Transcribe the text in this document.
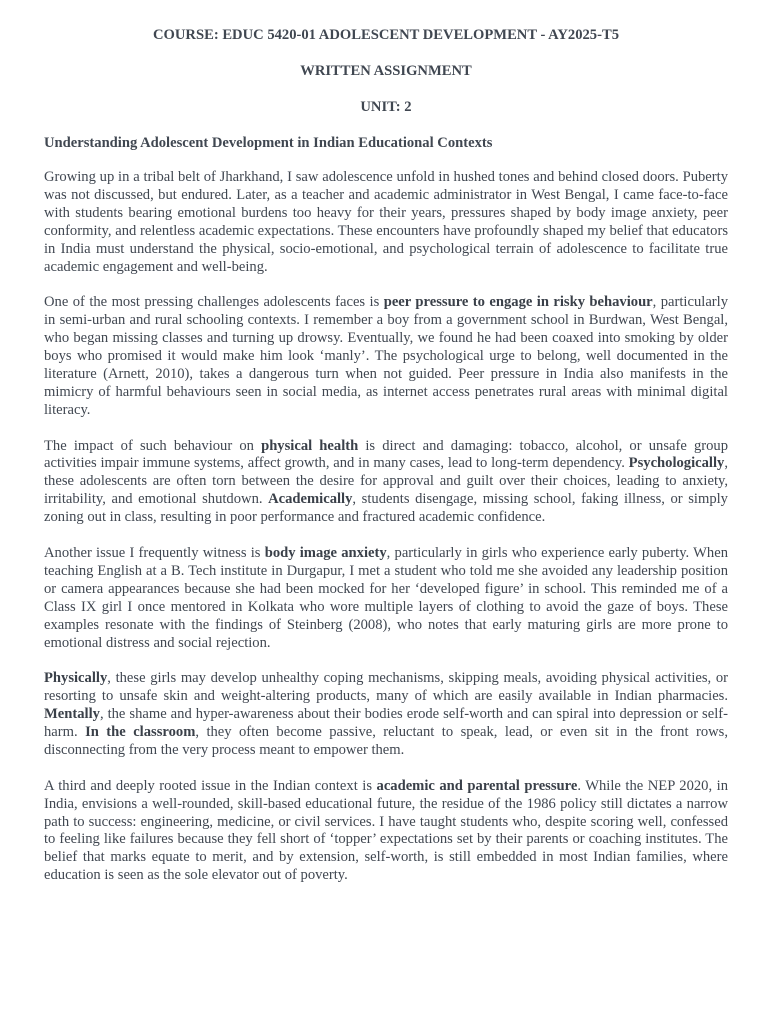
COURSE: EDUC 5420-01 ADOLESCENT DEVELOPMENT - AY2025-T5
WRITTEN ASSIGNMENT
UNIT: 2
Understanding Adolescent Development in Indian Educational Contexts

Growing up in a tribal belt of Jharkhand, I saw adolescence unfold in hushed tones and behind closed doors. Puberty was not discussed, but endured. Later, as a teacher and academic administrator in West Bengal, I came face-to-face with students bearing emotional burdens too heavy for their years, pressures shaped by body image anxiety, peer conformity, and relentless academic expectations. These encounters have profoundly shaped my belief that educators in India must understand the physical, socio-emotional, and psychological terrain of adolescence to facilitate true academic engagement and well-being.

One of the most pressing challenges adolescents faces is peer pressure to engage in risky behaviour, particularly in semi-urban and rural schooling contexts. I remember a boy from a government school in Burdwan, West Bengal, who began missing classes and turning up drowsy. Eventually, we found he had been coaxed into smoking by older boys who promised it would make him look ‘manly’. The psychological urge to belong, well documented in the literature (Arnett, 2010), takes a dangerous turn when not guided. Peer pressure in India also manifests in the mimicry of harmful behaviours seen in social media, as internet access penetrates rural areas with minimal digital literacy.

The impact of such behaviour on physical health is direct and damaging: tobacco, alcohol, or unsafe group activities impair immune systems, affect growth, and in many cases, lead to long-term dependency. Psychologically, these adolescents are often torn between the desire for approval and guilt over their choices, leading to anxiety, irritability, and emotional shutdown. Academically, students disengage, missing school, faking illness, or simply zoning out in class, resulting in poor performance and fractured academic confidence.

Another issue I frequently witness is body image anxiety, particularly in girls who experience early puberty. When teaching English at a B. Tech institute in Durgapur, I met a student who told me she avoided any leadership position or camera appearances because she had been mocked for her ‘developed figure’ in school. This reminded me of a Class IX girl I once mentored in Kolkata who wore multiple layers of clothing to avoid the gaze of boys. These examples resonate with the findings of Steinberg (2008), who notes that early maturing girls are more prone to emotional distress and social rejection.

Physically, these girls may develop unhealthy coping mechanisms, skipping meals, avoiding physical activities, or resorting to unsafe skin and weight-altering products, many of which are easily available in Indian pharmacies. Mentally, the shame and hyper-awareness about their bodies erode self-worth and can spiral into depression or self-harm. In the classroom, they often become passive, reluctant to speak, lead, or even sit in the front rows, disconnecting from the very process meant to empower them.

A third and deeply rooted issue in the Indian context is academic and parental pressure. While the NEP 2020, in India, envisions a well-rounded, skill-based educational future, the residue of the 1986 policy still dictates a narrow path to success: engineering, medicine, or civil services. I have taught students who, despite scoring well, confessed to feeling like failures because they fell short of ‘topper’ expectations set by their parents or coaching institutes. The belief that marks equate to merit, and by extension, self-worth, is still embedded in most Indian families, where education is seen as the sole elevator out of poverty.
